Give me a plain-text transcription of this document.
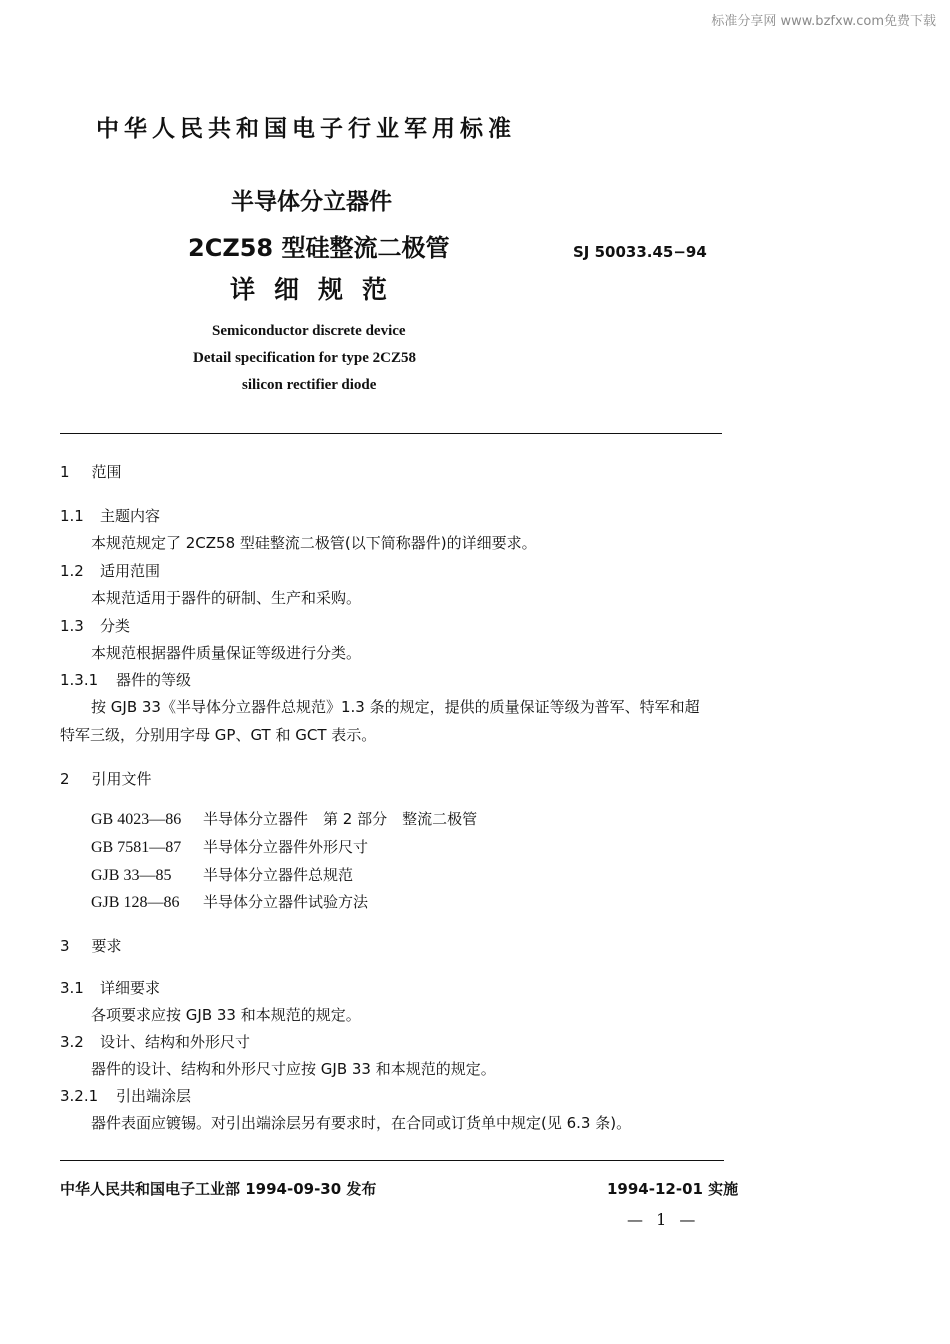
标准分享网 www.bzfxw.com免费下载
中华人民共和国电子行业军用标准
半导体分立器件
2CZ58 型硅整流二极管
详细规范
SJ 50033.45−94
Semiconductor discrete device
Detail specification for type 2CZ58
silicon rectifier diode
1 范围
1.1 主题内容
本规范规定了 2CZ58 型硅整流二极管(以下简称器件)的详细要求。
1.2 适用范围
本规范适用于器件的研制、生产和采购。
1.3 分类
本规范根据器件质量保证等级进行分类。
1.3.1 器件的等级
按 GJB 33《半导体分立器件总规范》1.3 条的规定，提供的质量保证等级为普军、特军和超
特军三级，分别用字母 GP、GT 和 GCT 表示。
2 引用文件
GB 4023—86 半导体分立器件　第 2 部分　整流二极管
GB 7581—87 半导体分立器件外形尺寸
GJB 33—85 半导体分立器件总规范
GJB 128—86 半导体分立器件试验方法
3 要求
3.1 详细要求
各项要求应按 GJB 33 和本规范的规定。
3.2 设计、结构和外形尺寸
器件的设计、结构和外形尺寸应按 GJB 33 和本规范的规定。
3.2.1 引出端涂层
器件表面应镀锡。对引出端涂层另有要求时，在合同或订货单中规定(见 6.3 条)。
中华人民共和国电子工业部 1994-09-30 发布	1994-12-01 实施
— 1 —
